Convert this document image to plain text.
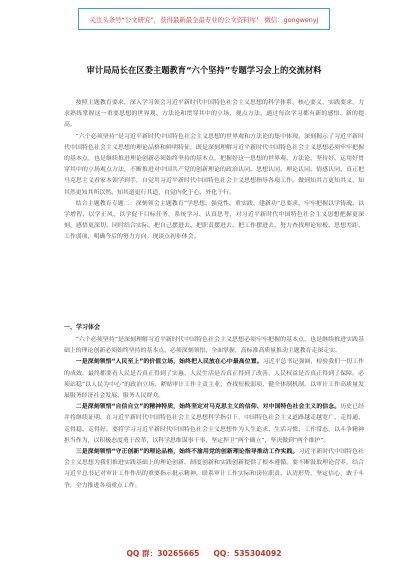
关注头条号“公文研究”，获得最新最全最专业的公文资料库！ 微信：gongwenyj
审计局局长在区委主题教育“六个坚持”专题学习会上的交流材料

按照主题教育要求，深入学习领会习近平新时代中国特色社会主义思想的科学体系、核心要义、实践要求，力求熟练掌握这一重要思想的世界观、方法论和贯穿其中的立场、观点方法，通过每次学习都有新的感悟、新的提高。

“六个必须坚持”是习近平新时代中国特色社会主义思想的世界观和方法论的集中体现。深刻揭示了习近平新时代中国特色社会主义思想的理论品格和鲜明特征，既是深刻理解习近平新时代中国特色社会主义思想必须牢牢把握的基本点，也是继续推进理论创新必须始终坚持的基本点，把握好这一思想的世界观、方法论，坚持好、运用好贯穿其中的立场观点方法，不断推进对中国共产党的创新理论的政治认同、思想认同、理论认同、情感认同，真正把马克思主义看家本领学到手，自觉用习近平新时代中国特色社会主义思想指导各项工作。做到知其言更知其义、知其然更知其所以然、知其道更行其道，自觉内化于心、外化于行。

结合主题教育专题二：深刻领会主题教育“学思想、强党性、重实践、建新功”总要求，牢牢把握以学铸魂、以学增智、以学正风、以学促干目标任务，系统学习、认真思考，对习近平新时代中国特色社会主义思想把握更深刻，感悟更深切。同时结合实际，把自己摆进去、把职责摆进去、把工作摆进去，努力查找理论短板、思想差距、工作弱项，明确今后的努力方向。现谈点初步体会。

一、学习体会

“六个必须坚持”是深刻理解习近平新时代中国特色社会主义思想必须牢牢把握的基本点，也是继续推进实践基础上的理论创新必须始终坚持的基本点。必须深刻领悟、全面掌握，高标准高质量推动主题教育走深走实。

一是深刻领悟“人民至上”的价值立场，始终把人民放在心中最高位置。习近平总书记强调，检验我们一切工作的成效，最终都要看人民是否真正得到了实惠、人民生活是否真正得到了改善、人民权益是否真正得到了保障。必须站稳“以人民为中心”的政治立场，紧贴审计工作主责主业，查找短板弱项、健全体制机制，以审计工作高质量发展服务经济社会发展、服务人民群众。

二是深刻领悟“自信自立”的精神特质，始终坚定对马克思主义的信仰、对中国特色社会主义的信念。历史已经并将继续证明，在习近平新时代中国特色社会主义思想科学指引下，中国特色社会主义道路越走越宽广、走得通、走得稳、走得好。要将学习习近平新时代中国特色社会主义思想作为人生追求、生活习惯、工作常态，以斗争精神担当作为，以积极态度勇于改革，以科学思维谋事干事，坚定捍卫“两个确立”，坚决做到“两个维护”。

三是深刻领悟“守正创新”的理论品格，始终不渝用党的创新理论指导推动工作实践。习近平新时代中国特色社会主义思想为我们推进实践基础上的理论创新、制度创新和实践创新提供了根本遵循，要不断汲取理论营养，结合习近平总书记对审计工作作出的重要指示批示精神，联系审计工作实际和岗位职责，认清形势，坚定信心，敢于斗争，全力推进各项重点工作。

QQ 群：30265665 QQ：535304092
